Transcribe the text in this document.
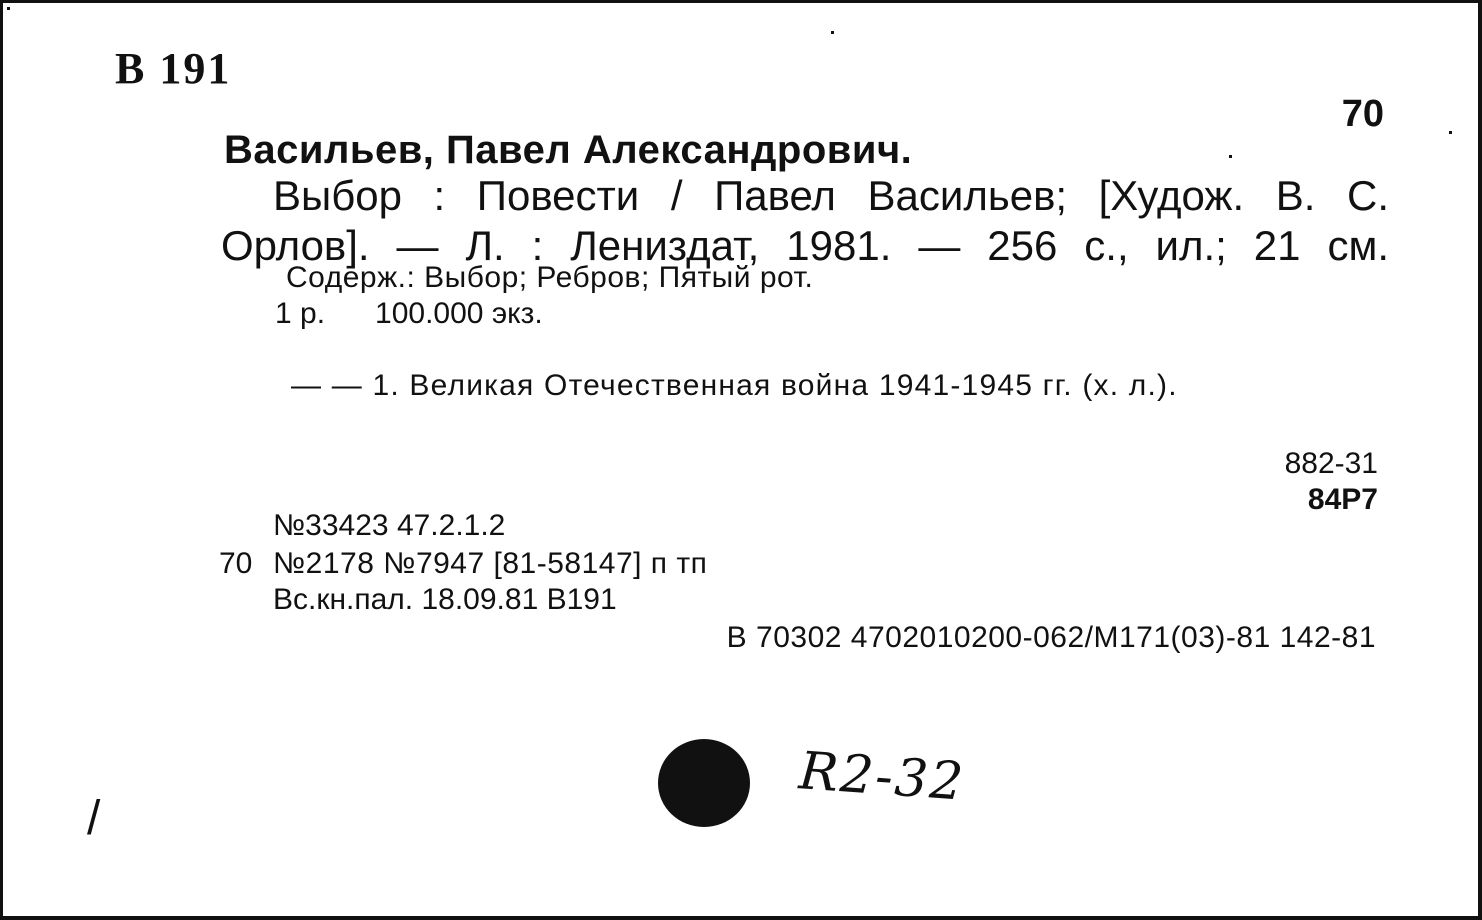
В 191

70

Васильев, Павел Александрович.

Выбор : Повести / Павел Васильев; [Худож. В. С.

Орлов]. — Л. : Лениздат, 1981. — 256 с., ил.; 21 см.

Содерж.: Выбор; Ребров; Пятый рот.

1 р. 100.000 экз.

— — 1. Великая Отечественная война 1941-1945 гг. (х. л.).

882-31

84Р7

№33423 47.2.1.2

70 №2178 №7947 [81-58147] п тп

Вс.кн.пал. 18.09.81 В191

В 70302 4702010200-062/М171(03)-81 142-81

R2-32
/
